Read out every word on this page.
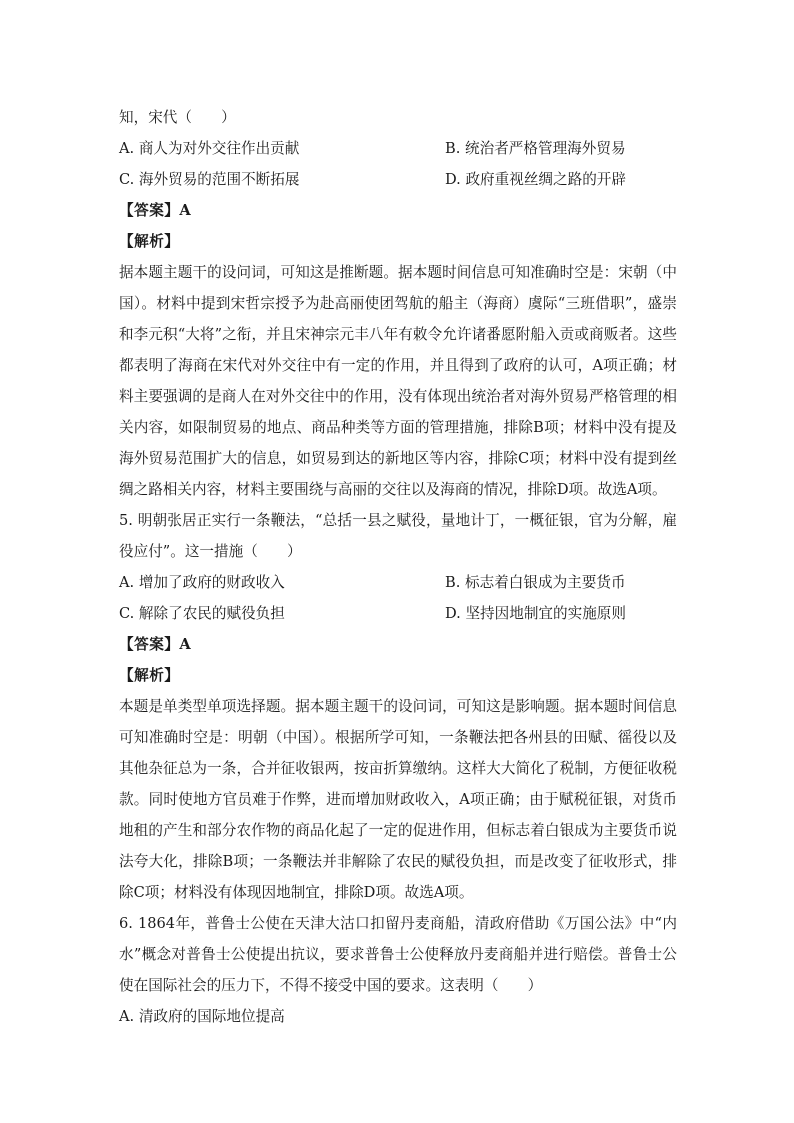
知，宋代（　　）
A. 商人为对外交往作出贡献	B. 统治者严格管理海外贸易
C. 海外贸易的范围不断拓展	D. 政府重视丝绸之路的开辟
【答案】A
【解析】
据本题主题干的设问词，可知这是推断题。据本题时间信息可知准确时空是：宋朝（中国）。材料中提到宋哲宗授予为赴高丽使团驾航的船主（海商）虞际“三班借职”，盛崇和李元积“大将”之衔，并且宋神宗元丰八年有敕令允许诸番愿附船入贡或商贩者。这些都表明了海商在宋代对外交往中有一定的作用，并且得到了政府的认可，A项正确；材料主要强调的是商人在对外交往中的作用，没有体现出统治者对海外贸易严格管理的相关内容，如限制贸易的地点、商品种类等方面的管理措施，排除B项；材料中没有提及海外贸易范围扩大的信息，如贸易到达的新地区等内容，排除C项；材料中没有提到丝绸之路相关内容，材料主要围绕与高丽的交往以及海商的情况，排除D项。故选A项。
5. 明朝张居正实行一条鞭法，“总括一县之赋役，量地计丁，一概征银，官为分解，雇役应付”。这一措施（　　）
A. 增加了政府的财政收入	B. 标志着白银成为主要货币
C. 解除了农民的赋役负担	D. 坚持因地制宜的实施原则
【答案】A
【解析】
本题是单类型单项选择题。据本题主题干的设问词，可知这是影响题。据本题时间信息可知准确时空是：明朝（中国）。根据所学可知，一条鞭法把各州县的田赋、徭役以及其他杂征总为一条，合并征收银两，按亩折算缴纳。这样大大简化了税制，方便征收税款。同时使地方官员难于作弊，进而增加财政收入，A项正确；由于赋税征银，对货币地租的产生和部分农作物的商品化起了一定的促进作用，但标志着白银成为主要货币说法夸大化，排除B项；一条鞭法并非解除了农民的赋役负担，而是改变了征收形式，排除C项；材料没有体现因地制宜，排除D项。故选A项。
6. 1864年，普鲁士公使在天津大沽口扣留丹麦商船，清政府借助《万国公法》中“内水”概念对普鲁士公使提出抗议，要求普鲁士公使释放丹麦商船并进行赔偿。普鲁士公使在国际社会的压力下，不得不接受中国的要求。这表明（　　）
A. 清政府的国际地位提高
